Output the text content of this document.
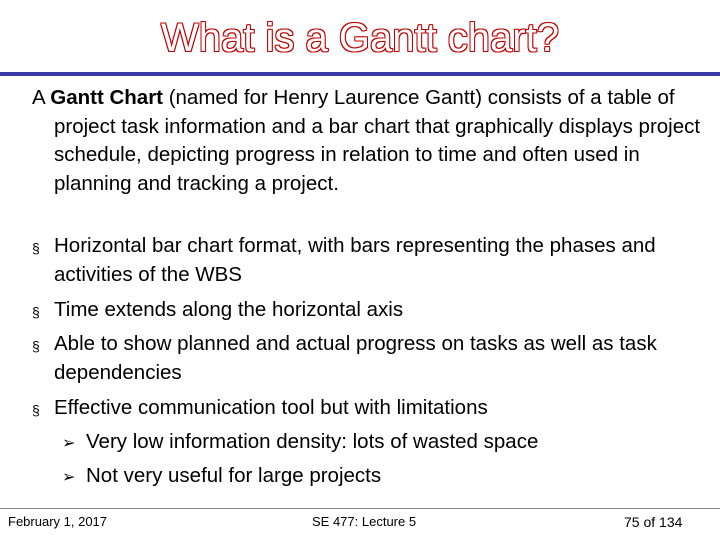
What is a Gantt chart?
A Gantt Chart (named for Henry Laurence Gantt) consists of a table of project task information and a bar chart that graphically displays project schedule, depicting progress in relation to time and often used in planning and tracking a project.
§ Horizontal bar chart format, with bars representing the phases and activities of the WBS
§ Time extends along the horizontal axis
§ Able to show planned and actual progress on tasks as well as task dependencies
§ Effective communication tool but with limitations
➢ Very low information density: lots of wasted space
➢ Not very useful for large projects
February 1, 2017	SE 477: Lecture 5	75 of 134
